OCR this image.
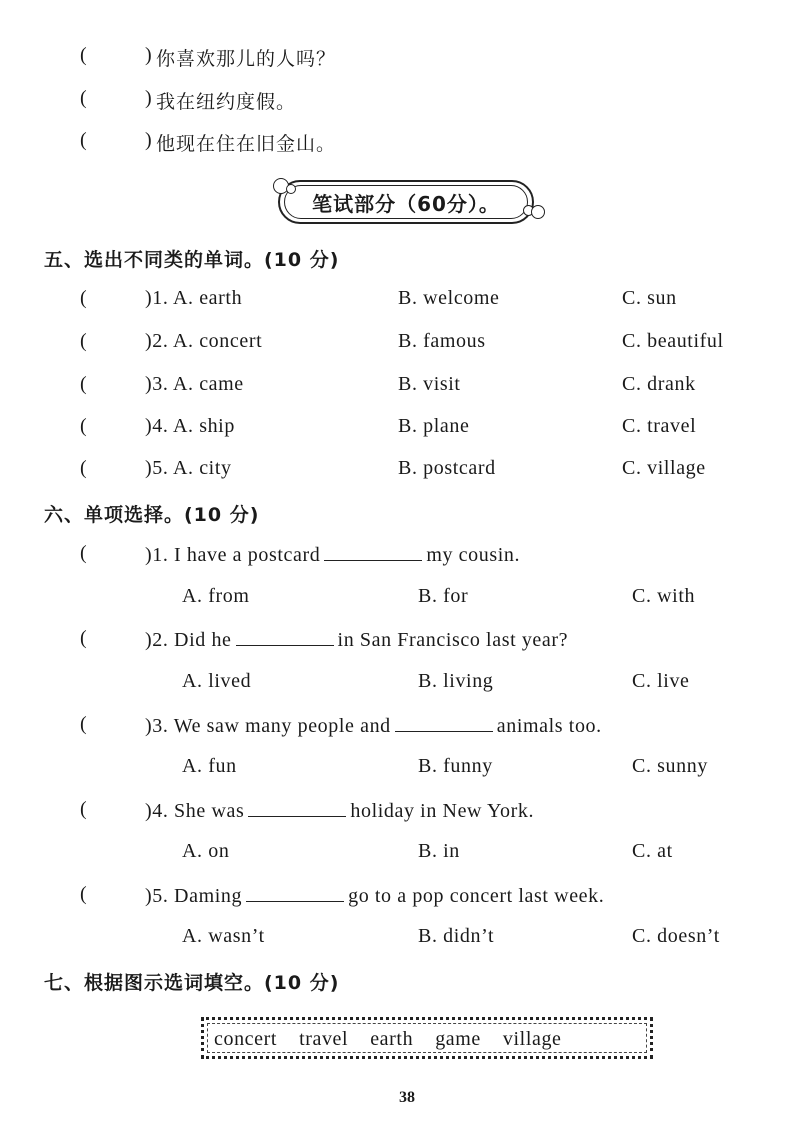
(	) 你喜欢那儿的人吗？
(	) 我在纽约度假。
(	) 他现在住在旧金山。
笔试部分（60分）。
五、选出不同类的单词。(10 分)
(	)1. A. earth	B. welcome	C. sun
(	)2. A. concert	B. famous	C. beautiful
(	)3. A. came	B. visit	C. drank
(	)4. A. ship	B. plane	C. travel
(	)5. A. city	B. postcard	C. village
六、单项选择。(10 分)
(	)1. I have a postcard	my cousin.
A. from	B. for	C. with
(	)2. Did he	in San Francisco last year?
A. lived	B. living	C. live
(	)3. We saw many people and	animals too.
A. fun	B. funny	C. sunny
(	)4. She was	holiday in New York.
A. on	B. in	C. at
(	)5. Daming	go to a pop concert last week.
A. wasn’t	B. didn’t	C. doesn’t
七、根据图示选词填空。(10 分)
concert travel earth game village
38
